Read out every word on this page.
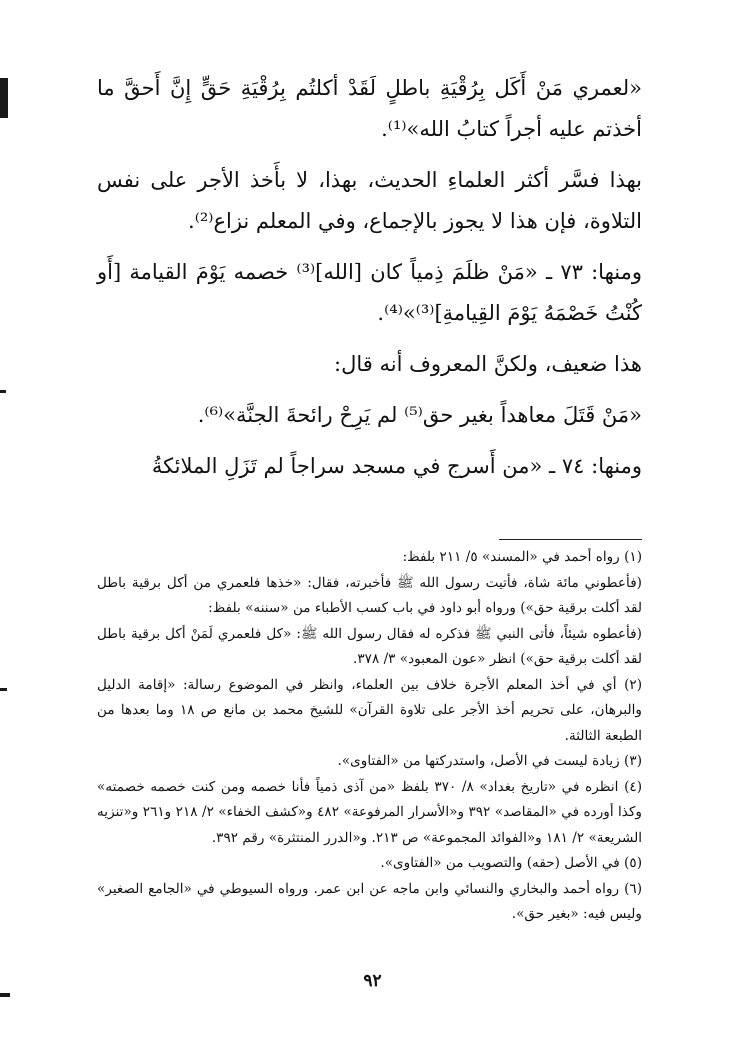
«لعمري مَنْ أَكَل بِرُقْيَةِ باطلٍ لَقَدْ أكلتُم بِرُقْيَةِ حَقٍّ إِنَّ أَحقَّ ما أخذتم عليه أجراً كتابُ الله»⁽¹⁾.

بهذا فسَّر أكثر العلماءِ الحديث، بهذا، لا بأَخذ الأجر على نفس التلاوة، فإن هذا لا يجوز بالإجماع، وفي المعلم نزاع⁽²⁾.

ومنها: ٧٣ ـ «مَنْ ظلَمَ ذِمياً كان [الله]⁽³⁾ خصمه يَوْمَ القيامة [أَو كُنْتُ خَصْمَهُ يَوْمَ القِيامةِ]⁽³⁾»⁽⁴⁾.

هذا ضعيف، ولكنَّ المعروف أنه قال:

«مَنْ قَتَلَ معاهداً بغير حق⁽⁵⁾ لم يَرِحْ رائحةَ الجنَّة»⁽⁶⁾.

ومنها: ٧٤ ـ «من أَسرج في مسجد سراجاً لم تَزَلِ الملائكةُ

(١) رواه أحمد في «المسند» ٥/ ٢١١ بلفظ:
(فأعطوني مائة شاة، فأتيت رسول الله ﷺ فأخبرته، فقال: «خذها فلعمري من أكل برقية باطل لقد أكلت برقية حق») ورواه أبو داود في باب كسب الأطباء من «سننه» بلفظ:
(فأعطوه شيئاً، فأتى النبي ﷺ فذكره له فقال رسول الله ﷺ: «كل فلعمري لَمَنْ أكل برقية باطل لقد أكلت برقية حق») انظر «عون المعبود» ٣/ ٣٧٨.

(٢) أي في أخذ المعلم الأجرة خلاف بين العلماء، وانظر في الموضوع رسالة: «إقامة الدليل والبرهان، على تحريم أخذ الأجر على تلاوة القرآن» للشيخ محمد بن مانع ص ١٨ وما بعدها من الطبعة الثالثة.

(٣) زيادة ليست في الأصل، واستدركتها من «الفتاوى».

(٤) انظره في «تاريخ بغداد» ٨/ ٣٧٠ بلفظ «من آذى ذمياً فأنا خصمه ومن كنت خصمه خصمته» وكذا أورده في «المقاصد» ٣٩٢ و«الأسرار المرفوعة» ٤٨٢ و«كشف الخفاء» ٢/ ٢١٨ و٢٦١ و«تنزيه الشريعة» ٢/ ١٨١ و«الفوائد المجموعة» ص ٢١٣. و«الدرر المنتثرة» رقم ٣٩٢.

(٥) في الأصل (حقه) والتصويب من «الفتاوى».

(٦) رواه أحمد والبخاري والنسائي وابن ماجه عن ابن عمر. ورواه السيوطي في «الجامع الصغير» وليس فيه: «بغير حق».

٩٢
